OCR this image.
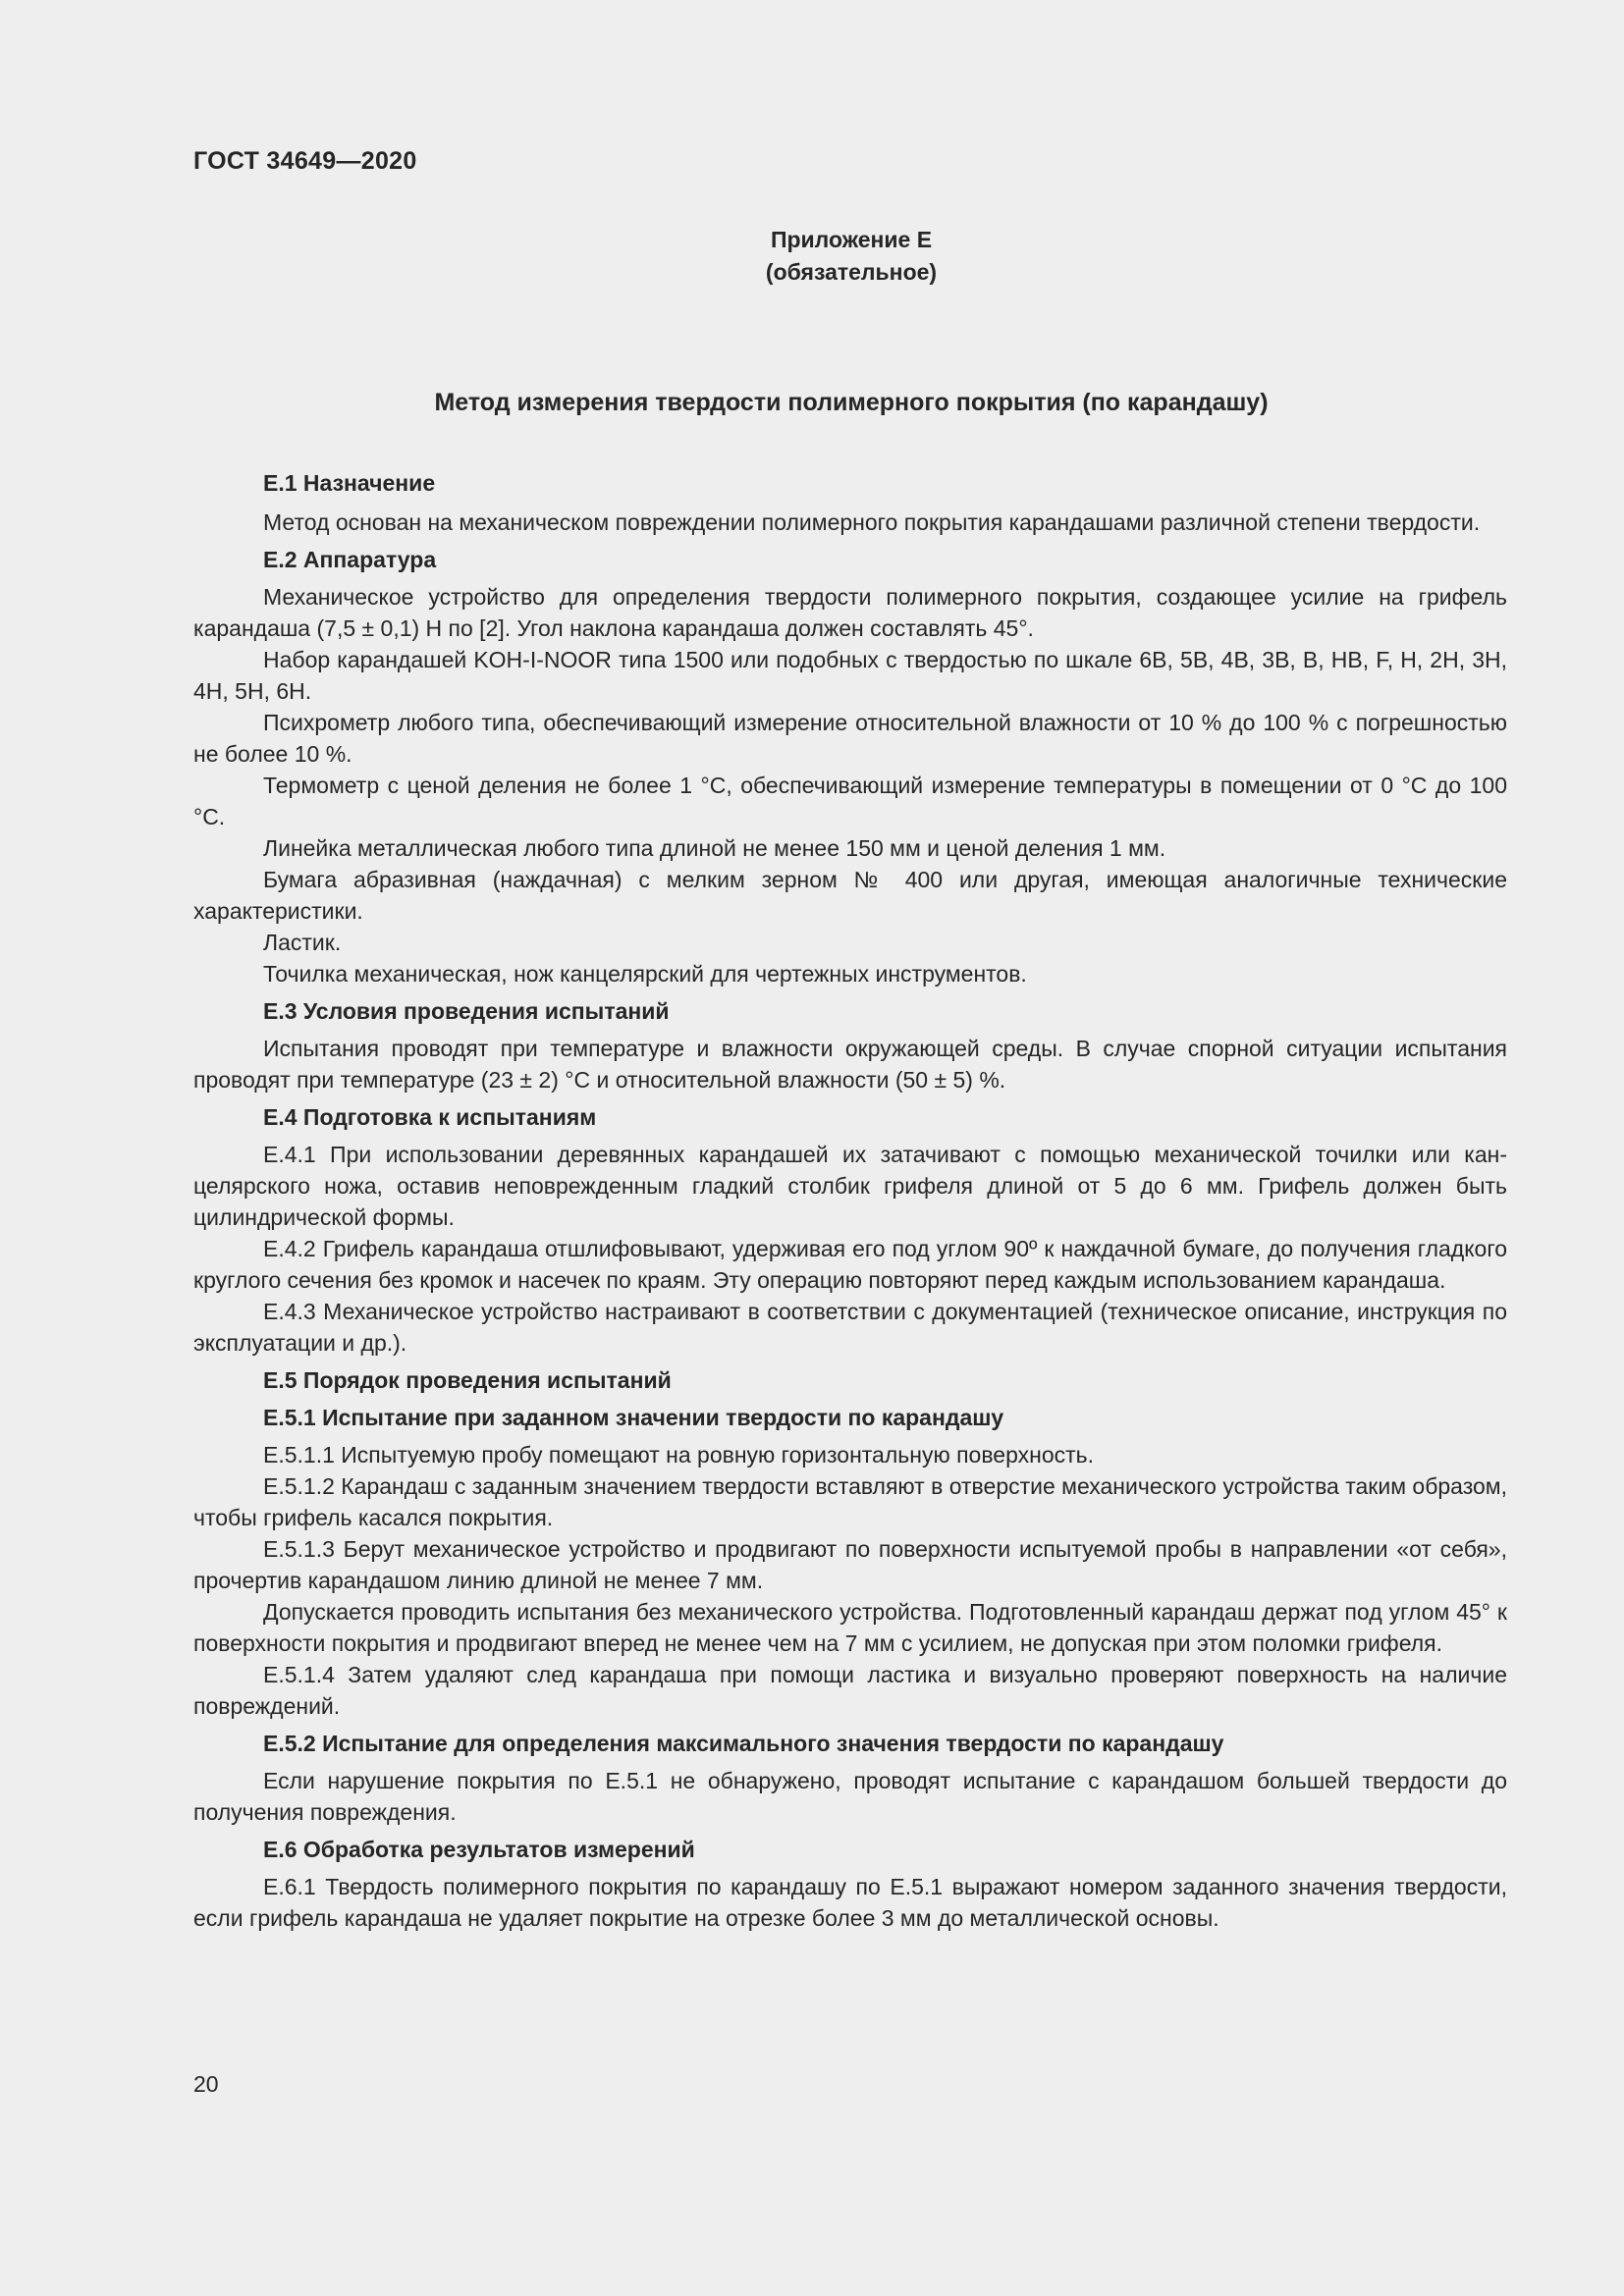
ГОСТ 34649—2020
Приложение Е
(обязательное)
Метод измерения твердости полимерного покрытия (по карандашу)
Е.1 Назначение

Метод основан на механическом повреждении полимерного покрытия карандашами различной степени твердости.

Е.2 Аппаратура

Механическое устройство для определения твердости полимерного покрытия, создающее усилие на грифель карандаша (7,5 ± 0,1) Н по [2]. Угол наклона карандаша должен составлять 45°.

Набор карандашей KOH-I-NOOR типа 1500 или подобных с твердостью по шкале 6B, 5B, 4B, 3B, B, HB, F, H, 2H, 3H, 4H, 5H, 6H.

Психрометр любого типа, обеспечивающий измерение относительной влажности от 10 % до 100 % с погрешностью не более 10 %.

Термометр с ценой деления не более 1 °C, обеспечивающий измерение температуры в помещении от 0 °C до 100 °C.

Линейка металлическая любого типа длиной не менее 150 мм и ценой деления 1 мм.

Бумага абразивная (наждачная) с мелким зерном № 400 или другая, имеющая аналогичные технические характеристики.

Ластик.

Точилка механическая, нож канцелярский для чертежных инструментов.

Е.3 Условия проведения испытаний

Испытания проводят при температуре и влажности окружающей среды. В случае спорной ситуации испытания проводят при температуре (23 ± 2) °C и относительной влажности (50 ± 5) %.

Е.4 Подготовка к испытаниям

Е.4.1 При использовании деревянных карандашей их затачивают с помощью механической точилки или канцелярского ножа, оставив неповрежденным гладкий столбик грифеля длиной от 5 до 6 мм. Грифель должен быть цилиндрической формы.

Е.4.2 Грифель карандаша отшлифовывают, удерживая его под углом 90º к наждачной бумаге, до получения гладкого круглого сечения без кромок и насечек по краям. Эту операцию повторяют перед каждым использованием карандаша.

Е.4.3 Механическое устройство настраивают в соответствии с документацией (техническое описание, инструкция по эксплуатации и др.).

Е.5 Порядок проведения испытаний
Е.5.1 Испытание при заданном значении твердости по карандашу

Е.5.1.1 Испытуемую пробу помещают на ровную горизонтальную поверхность.

Е.5.1.2 Карандаш с заданным значением твердости вставляют в отверстие механического устройства таким образом, чтобы грифель касался покрытия.

Е.5.1.3 Берут механическое устройство и продвигают по поверхности испытуемой пробы в направлении «от себя», прочертив карандашом линию длиной не менее 7 мм.

Допускается проводить испытания без механического устройства. Подготовленный карандаш держат под углом 45° к поверхности покрытия и продвигают вперед не менее чем на 7 мм с усилием, не допуская при этом поломки грифеля.

Е.5.1.4 Затем удаляют след карандаша при помощи ластика и визуально проверяют поверхность на наличие повреждений.

Е.5.2 Испытание для определения максимального значения твердости по карандашу

Если нарушение покрытия по Е.5.1 не обнаружено, проводят испытание с карандашом большей твердости до получения повреждения.

Е.6 Обработка результатов измерений

Е.6.1 Твердость полимерного покрытия по карандашу по Е.5.1 выражают номером заданного значения твердости, если грифель карандаша не удаляет покрытие на отрезке более 3 мм до металлической основы.

20
